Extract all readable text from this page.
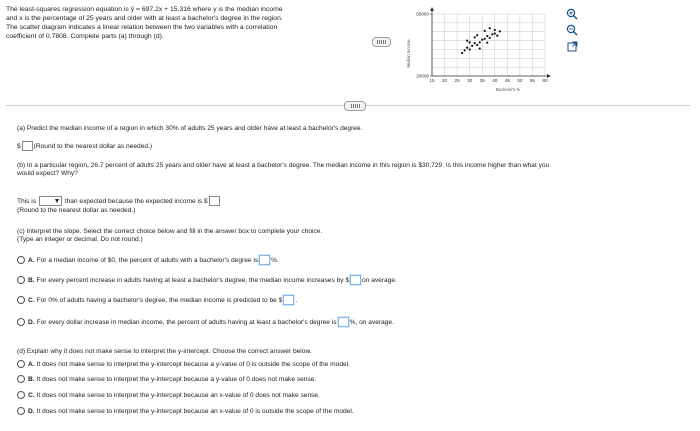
The least-squares regression equation is ŷ = 697.2x + 15,316 where y is the median income
and x is the percentage of 25 years and older with at least a bachelor's degree in the region.
The scatter diagram indicates a linear relation between the two variables with a correlation
coefficient of 0.7808. Complete parts (a) through (d).
Median Income
15 20 25 30 35 40 45 50 55 60
20000
55000
Bachelor's %
(a) Predict the median income of a region in which 30% of adults 25 years and older have at least a bachelor's degree.
$ (Round to the nearest dollar as needed.)
(b) In a particular region, 26.7 percent of adults 25 years and older have at least a bachelor's degree. The median income in this region is $30,729. Is this income higher than what you
would expect? Why?
This is	than expected because the expected income is $
(Round to the nearest dollar as needed.)
(c) Interpret the slope. Select the correct choice below and fill in the answer box to complete your choice.
(Type an integer or decimal. Do not round.)
A. For a median income of $0, the percent of adults with a bachelor's degree is %.
B. For every percent increase in adults having at least a bachelor's degree, the median income increases by $ on average.
C. For 0% of adults having a bachelor's degree, the median income is predicted to be $ .
D. For every dollar increase in median income, the percent of adults having at least a bachelor's degree is %, on average.
(d) Explain why it does not make sense to interpret the y-intercept. Choose the correct answer below.
A. It does not make sense to interpret the y-intercept because a y-value of 0 is outside the scope of the model.
B. It does not make sense to interpret the y-intercept because a y-value of 0 does not make sense.
C. It does not make sense to interpret the y-intercept because an x-value of 0 does not make sense.
D. It does not make sense to interpret the y-intercept because an x-value of 0 is outside the scope of the model.
